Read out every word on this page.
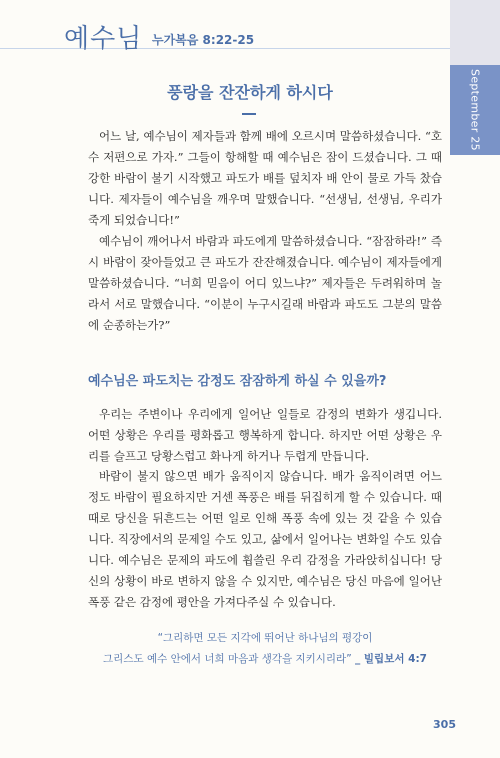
예수님 누가복음 8:22-25
September 25
풍랑을 잔잔하게 하시다

어느 날, 예수님이 제자들과 함께 배에 오르시며 말씀하셨습니다. “호수 저편으로 가자.” 그들이 항해할 때 예수님은 잠이 드셨습니다. 그 때 강한 바람이 불기 시작했고 파도가 배를 덮치자 배 안이 물로 가득 찼습니다. 제자들이 예수님을 깨우며 말했습니다. “선생님, 선생님, 우리가 죽게 되었습니다!”

예수님이 깨어나서 바람과 파도에게 말씀하셨습니다. “잠잠하라!” 즉시 바람이 잦아들었고 큰 파도가 잔잔해졌습니다. 예수님이 제자들에게 말씀하셨습니다. “너희 믿음이 어디 있느냐?” 제자들은 두려워하며 놀라서 서로 말했습니다. “이분이 누구시길래 바람과 파도도 그분의 말씀에 순종하는가?”

예수님은 파도치는 감정도 잠잠하게 하실 수 있을까?

우리는 주변이나 우리에게 일어난 일들로 감정의 변화가 생깁니다. 어떤 상황은 우리를 평화롭고 행복하게 합니다. 하지만 어떤 상황은 우리를 슬프고 당황스럽고 화나게 하거나 두렵게 만듭니다.

바람이 불지 않으면 배가 움직이지 않습니다. 배가 움직이려면 어느 정도 바람이 필요하지만 거센 폭풍은 배를 뒤집히게 할 수 있습니다. 때때로 당신을 뒤흔드는 어떤 일로 인해 폭풍 속에 있는 것 같을 수 있습니다. 직장에서의 문제일 수도 있고, 삶에서 일어나는 변화일 수도 있습니다. 예수님은 문제의 파도에 휩쓸린 우리 감정을 가라앉히십니다! 당신의 상황이 바로 변하지 않을 수 있지만, 예수님은 당신 마음에 일어난 폭풍 같은 감정에 평안을 가져다주실 수 있습니다.

“그리하면 모든 지각에 뛰어난 하나님의 평강이
그리스도 예수 안에서 너희 마음과 생각을 지키시리라” _ 빌립보서 4:7
305
